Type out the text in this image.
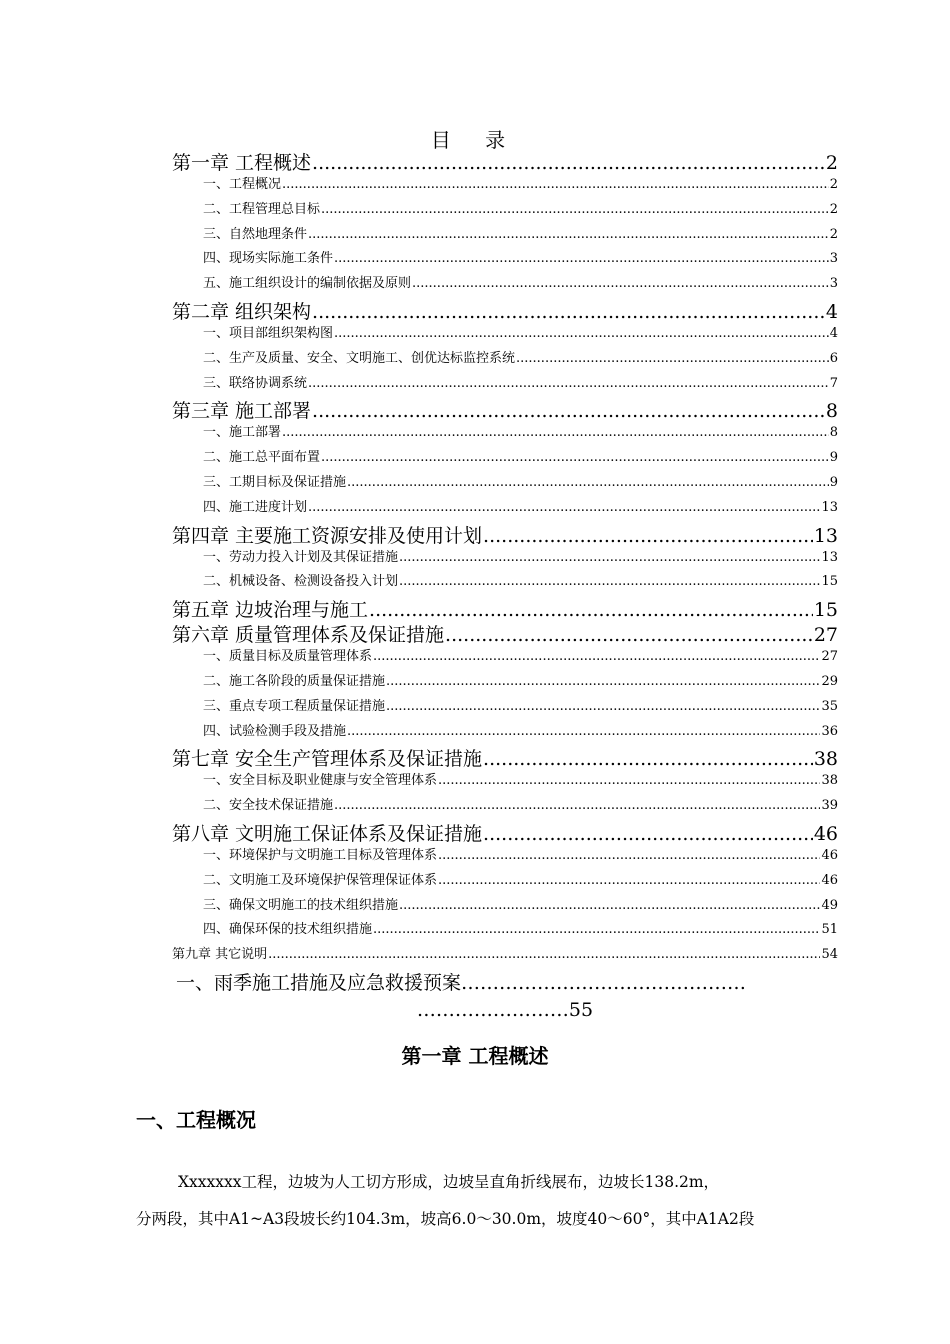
目 录
第一章 工程概述 .....	2
一、工程概况 .....	2
二、工程管理总目标 .....	2
三、自然地理条件 .....	2
四、现场实际施工条件 .....	3
五、施工组织设计的编制依据及原则 .....	3
第二章 组织架构 .....	4
一、项目部组织架构图 .....	4
二、生产及质量、安全、文明施工、创优达标监控系统 .....	6
三、联络协调系统 .....	7
第三章 施工部署 .....	8
一、施工部署 .....	8
二、施工总平面布置 .....	9
三、工期目标及保证措施 .....	9
四、施工进度计划 .....	13
第四章 主要施工资源安排及使用计划 .....	13
一、劳动力投入计划及其保证措施 .....	13
二、机械设备、检测设备投入计划 .....	15
第五章 边坡治理与施工 .....	15
第六章 质量管理体系及保证措施 .....	27
一、质量目标及质量管理体系 .....	27
二、施工各阶段的质量保证措施 .....	29
三、重点专项工程质量保证措施 .....	35
四、试验检测手段及措施 .....	36
第七章 安全生产管理体系及保证措施 .....	38
一、安全目标及职业健康与安全管理体系 .....	38
二、安全技术保证措施 .....	39
第八章 文明施工保证体系及保证措施 .....	46
一、环境保护与文明施工目标及管理体系 .....	46
二、文明施工及环境保护保管理保证体系 .....	46
三、确保文明施工的技术组织措施 .....	49
四、确保环保的技术组织措施 .....	51
第九章 其它说明 .....	54
一、雨季施工措施及应急救援预案………………………………………
……………………55
第一章 工程概述
一、工程概况
Xxxxxxx工程，边坡为人工切方形成，边坡呈直角折线展布，边坡长138.2m，
分两段，其中A1~A3段坡长约104.3m，坡高6.0～30.0m，坡度40～60°，其中A1A2段
